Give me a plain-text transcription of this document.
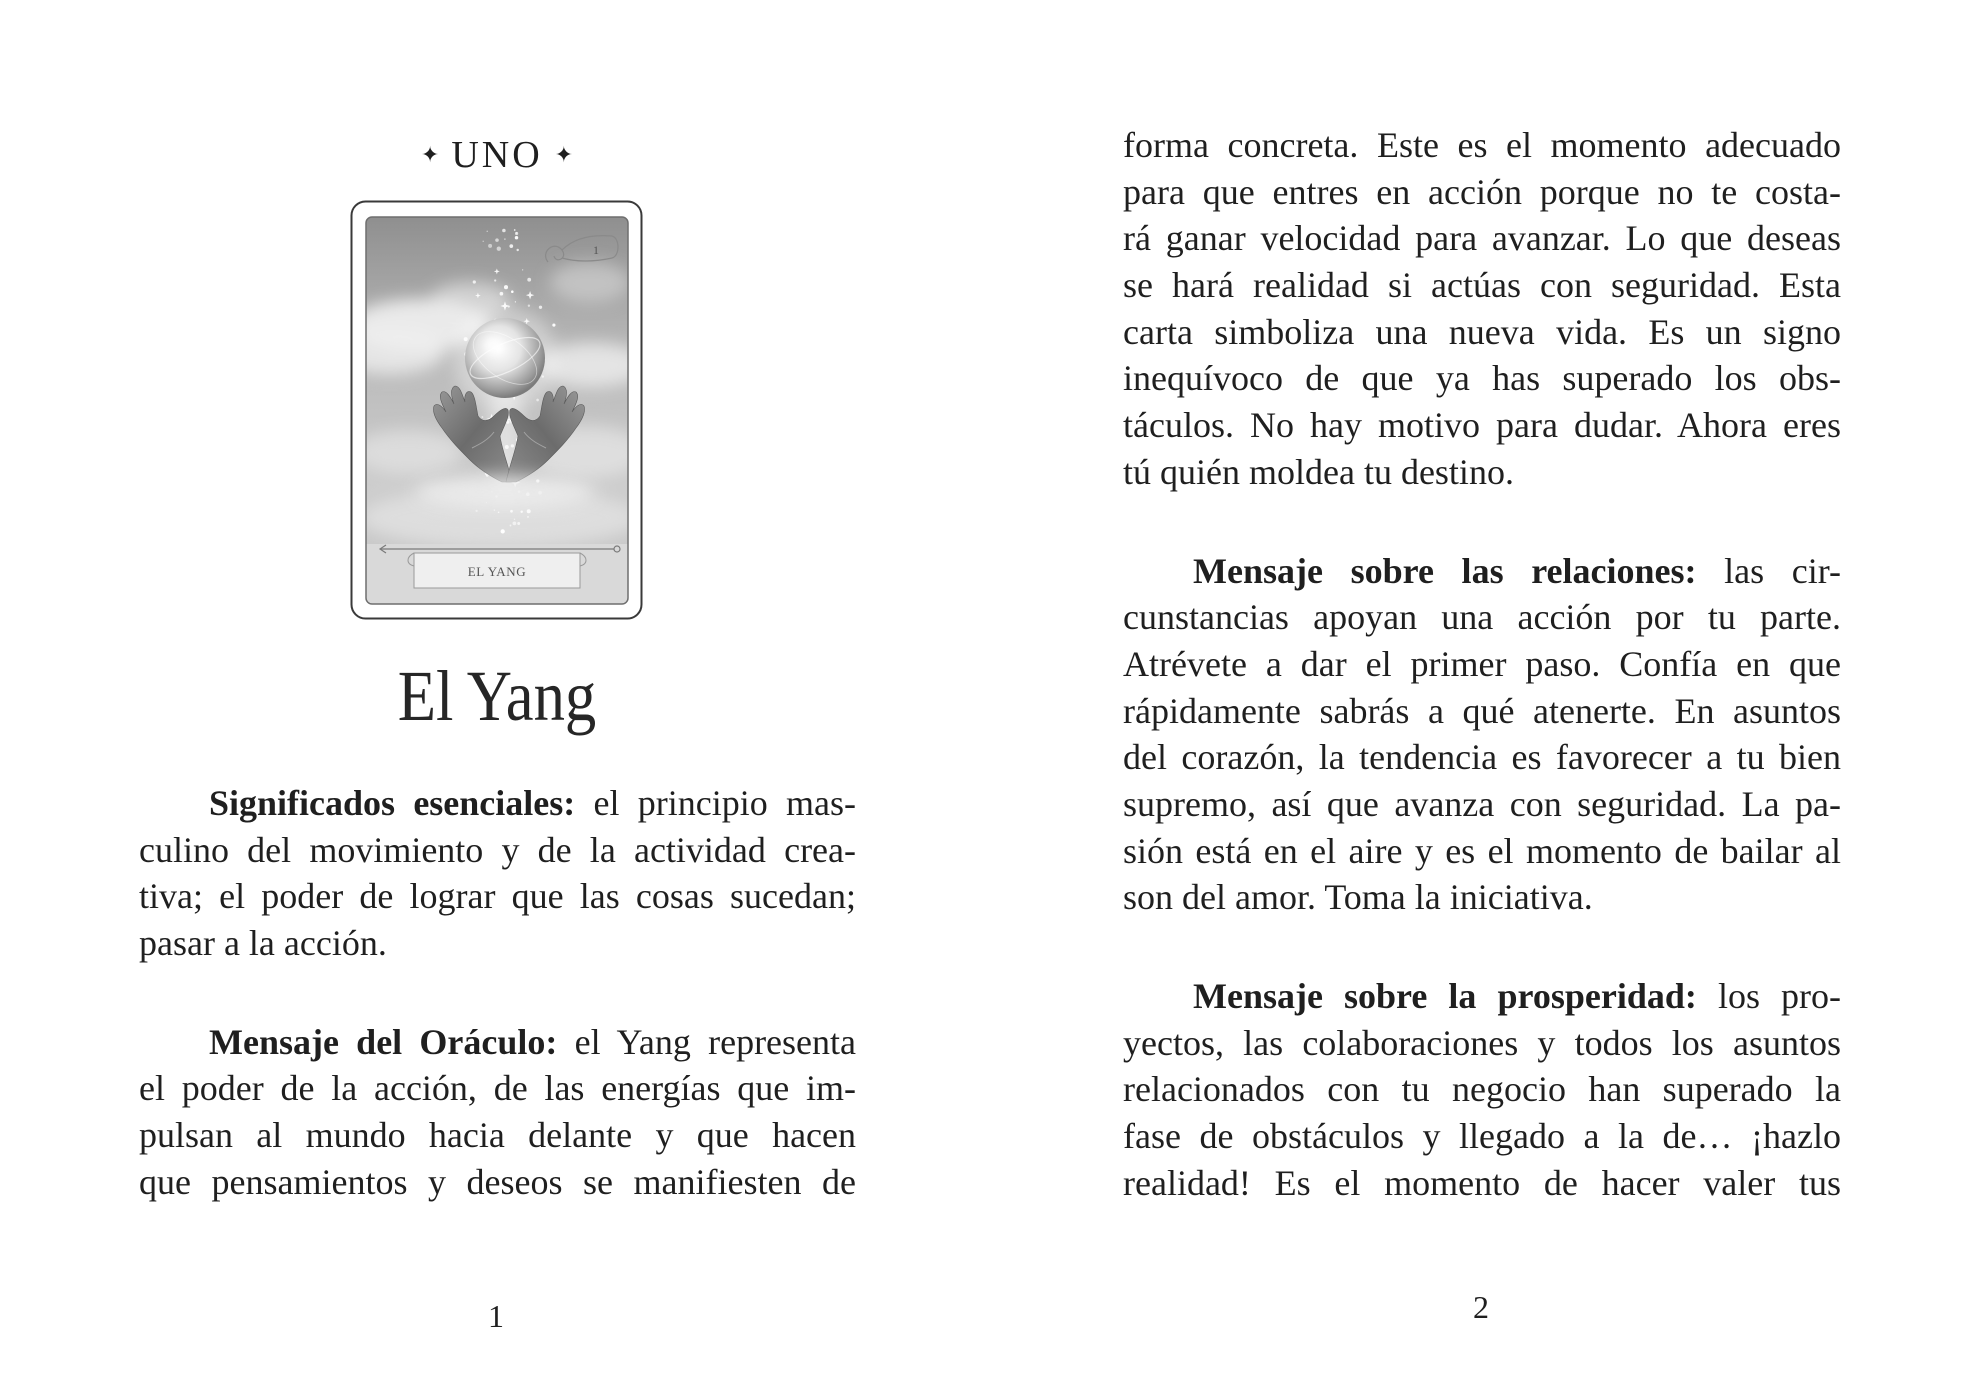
✦ UNO ✦
1
EL YANG
El Yang
Significados esenciales: el principio mas-
culino del movimiento y de la actividad crea-
tiva; el poder de lograr que las cosas sucedan;
pasar a la acción.
Mensaje del Oráculo: el Yang representa
el poder de la acción, de las energías que im-
pulsan al mundo hacia delante y que hacen
que pensamientos y deseos se manifiesten de
1
forma concreta. Este es el momento adecuado
para que entres en acción porque no te costa-
rá ganar velocidad para avanzar. Lo que deseas
se hará realidad si actúas con seguridad. Esta
carta simboliza una nueva vida. Es un signo
inequívoco de que ya has superado los obs-
táculos. No hay motivo para dudar. Ahora eres
tú quién moldea tu destino.
Mensaje sobre las relaciones: las cir-
cunstancias apoyan una acción por tu parte.
Atrévete a dar el primer paso. Confía en que
rápidamente sabrás a qué atenerte. En asuntos
del corazón, la tendencia es favorecer a tu bien
supremo, así que avanza con seguridad. La pa-
sión está en el aire y es el momento de bailar al
son del amor. Toma la iniciativa.
Mensaje sobre la prosperidad: los pro-
yectos, las colaboraciones y todos los asuntos
relacionados con tu negocio han superado la
fase de obstáculos y llegado a la de… ¡hazlo
realidad! Es el momento de hacer valer tus
2
